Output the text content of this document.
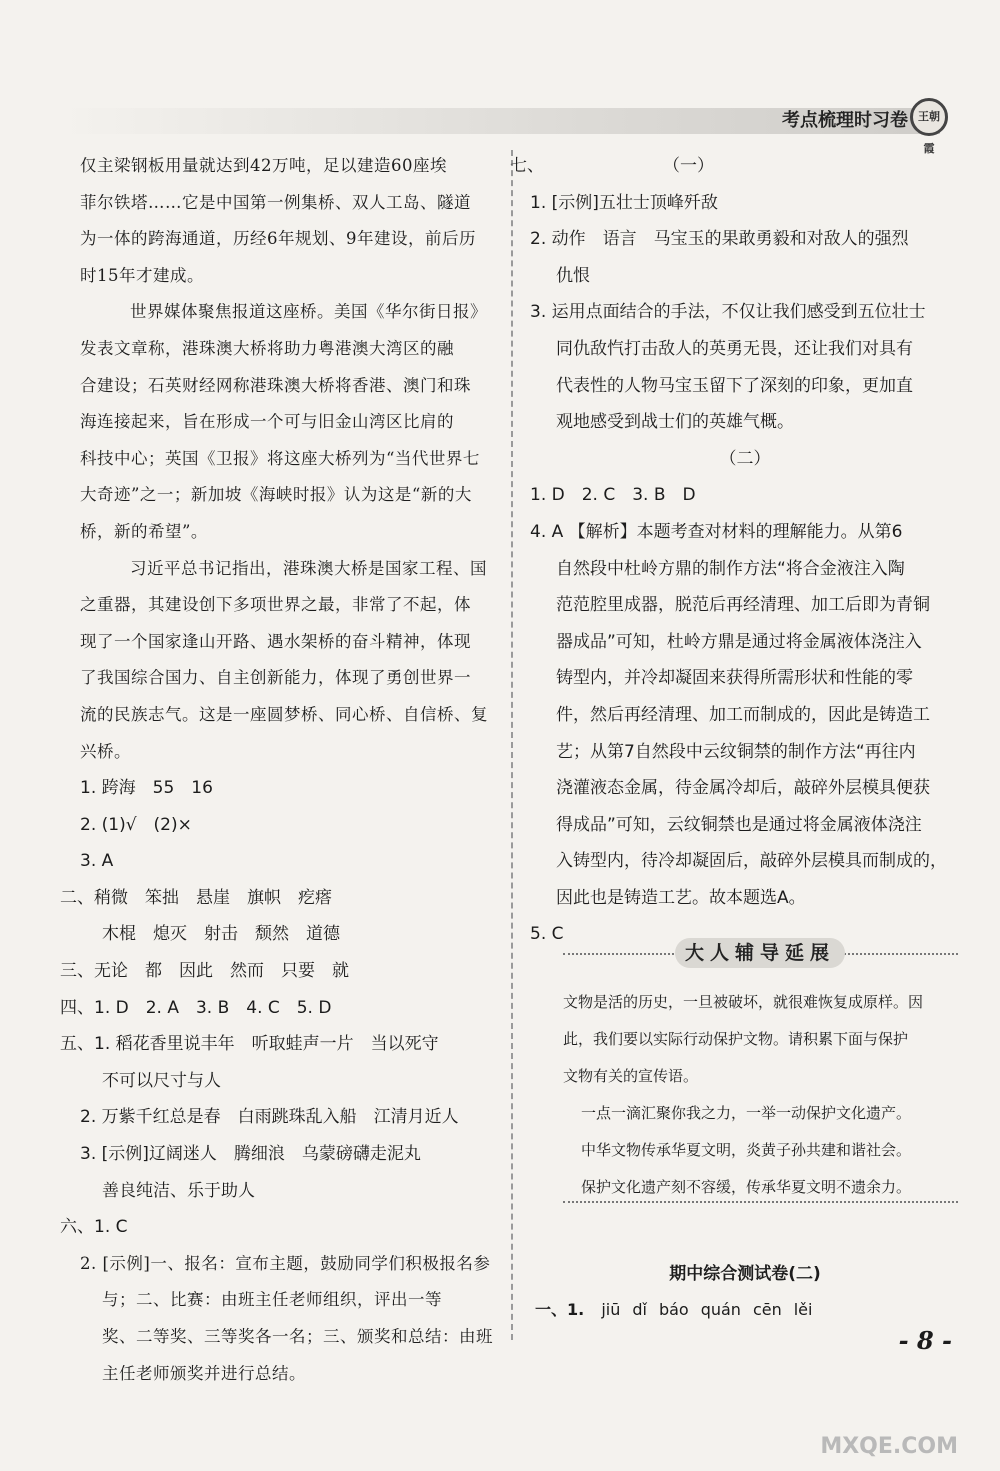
考点梳理时习卷 王朝霞
仅主梁钢板用量就达到42万吨，足以建造60座埃
菲尔铁塔……它是中国第一例集桥、双人工岛、隧道
为一体的跨海通道，历经6年规划、9年建设，前后历
时15年才建成。
世界媒体聚焦报道这座桥。美国《华尔街日报》
发表文章称，港珠澳大桥将助力粤港澳大湾区的融
合建设；石英财经网称港珠澳大桥将香港、澳门和珠
海连接起来，旨在形成一个可与旧金山湾区比肩的
科技中心；英国《卫报》将这座大桥列为“当代世界七
大奇迹”之一；新加坡《海峡时报》认为这是“新的大
桥，新的希望”。
习近平总书记指出，港珠澳大桥是国家工程、国
之重器，其建设创下多项世界之最，非常了不起，体
现了一个国家逢山开路、遇水架桥的奋斗精神，体现
了我国综合国力、自主创新能力，体现了勇创世界一
流的民族志气。这是一座圆梦桥、同心桥、自信桥、复
兴桥。
1. 跨海　55　16
2. (1)√　(2)×
3. A
二、稍微　笨拙　悬崖　旗帜　疙瘩
木棍　熄灭　射击　颓然　道德
三、无论　都　因此　然而　只要　就
四、1. D　2. A　3. B　4. C　5. D
五、1. 稻花香里说丰年　听取蛙声一片　当以死守
不可以尺寸与人
2. 万紫千红总是春　白雨跳珠乱入船　江清月近人
3. [示例]辽阔迷人　腾细浪　乌蒙磅礴走泥丸
善良纯洁、乐于助人
六、1. C
2. [示例]一、报名：宣布主题，鼓励同学们积极报名参
与；二、比赛：由班主任老师组织，评出一等
奖、二等奖、三等奖各一名；三、颁奖和总结：由班
主任老师颁奖并进行总结。
七、　　　　　　　　（一）
1. [示例]五壮士顶峰歼敌
2. 动作　语言　马宝玉的果敢勇毅和对敌人的强烈
仇恨
3. 运用点面结合的手法，不仅让我们感受到五位壮士
同仇敌忾打击敌人的英勇无畏，还让我们对具有
代表性的人物马宝玉留下了深刻的印象，更加直
观地感受到战士们的英雄气概。
（二）
1. D　2. C　3. B　D
4. A 【解析】本题考查对材料的理解能力。从第6
自然段中杜岭方鼎的制作方法“将合金液注入陶
范范腔里成器，脱范后再经清理、加工后即为青铜
器成品”可知，杜岭方鼎是通过将金属液体浇注入
铸型内，并冷却凝固来获得所需形状和性能的零
件，然后再经清理、加工而制成的，因此是铸造工
艺；从第7自然段中云纹铜禁的制作方法“再往内
浇灌液态金属，待金属冷却后，敲碎外层模具便获
得成品”可知，云纹铜禁也是通过将金属液体浇注
入铸型内，待冷却凝固后，敲碎外层模具而制成的，
因此也是铸造工艺。故本题选A。
5. C
大人辅导延展
文物是活的历史，一旦被破坏，就很难恢复成原样。因
此，我们要以实际行动保护文物。请积累下面与保护
文物有关的宣传语。
一点一滴汇聚你我之力，一举一动保护文化遗产。
中华文物传承华夏文明，炎黄子孙共建和谐社会。
保护文化遗产刻不容缓，传承华夏文明不遗余力。
期中综合测试卷(二)
一、1. jiū dǐ báo quán cēn lěi
- 8 -
MXQE.COM
